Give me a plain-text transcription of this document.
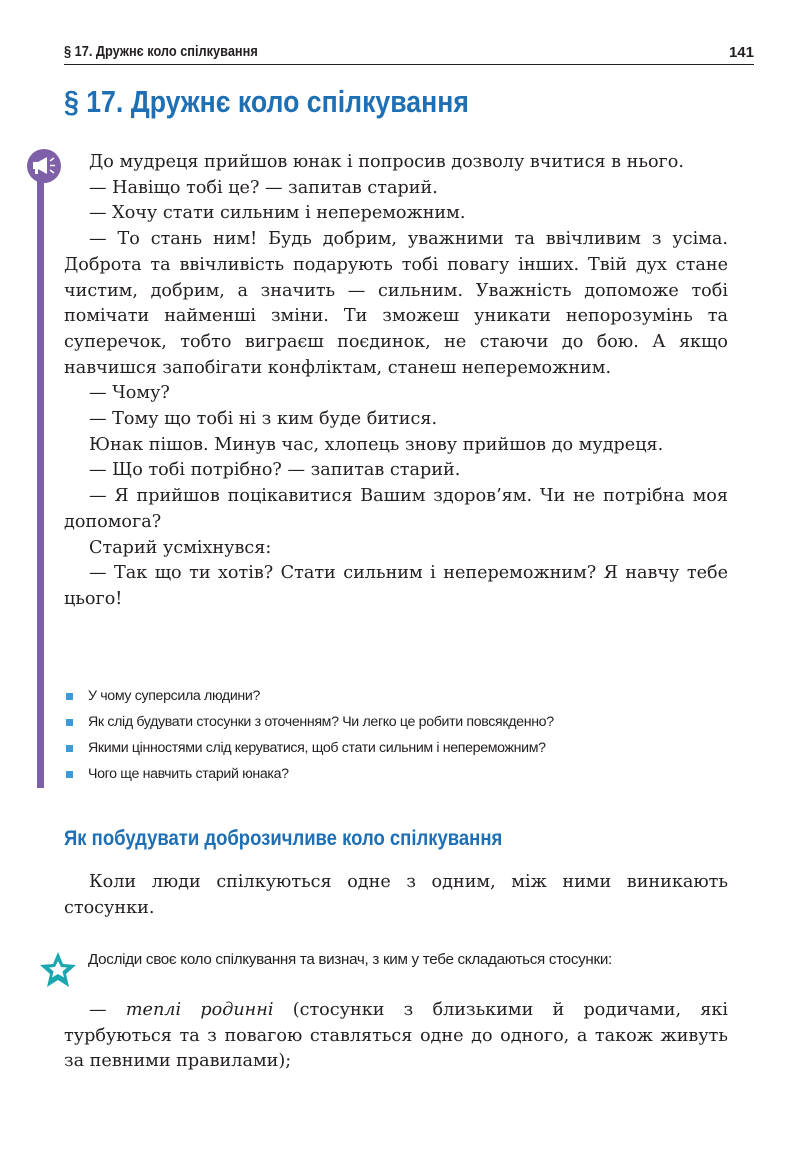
§ 17. Дружнє коло спілкування	141
§ 17. Дружнє коло спілкування

До мудреця прийшов юнак і попросив дозволу вчитися в нього.

— Навіщо тобі це? — запитав старий.

— Хочу стати сильним і непереможним.

— То стань ним! Будь добрим, уважними та ввічливим з усіма. Доброта та ввічливість подарують тобі повагу інших. Твій дух стане чистим, добрим, а значить — сильним. Уважність допоможе тобі помічати найменші зміни. Ти зможеш уникати непорозумінь та суперечок, тобто виграєш поєдинок, не стаючи до бою. А якщо навчишся запобігати конфліктам, станеш непереможним.

— Чому?

— Тому що тобі ні з ким буде битися.

Юнак пішов. Минув час, хлопець знову прийшов до мудреця.

— Що тобі потрібно? — запитав старий.

— Я прийшов поцікавитися Вашим здоров’ям. Чи не потрібна моя допомога?

Старий усміхнувся:

— Так що ти хотів? Стати сильним і непереможним? Я навчу тебе цього!

У чому суперсила людини?
Як слід будувати стосунки з оточенням? Чи легко це робити повсякденно?
Якими цінностями слід керуватися, щоб стати сильним і непереможним?
Чого ще навчить старий юнака?
Як побудувати доброзичливе коло спілкування

Коли люди спілкуються одне з одним, між ними виникають стосунки.

Досліди своє коло спілкування та визнач, з ким у тебе складаються стосунки:

— теплі родинні (стосунки з близькими й родичами, які турбуються та з повагою ставляться одне до одного, а також живуть за певними правилами);
